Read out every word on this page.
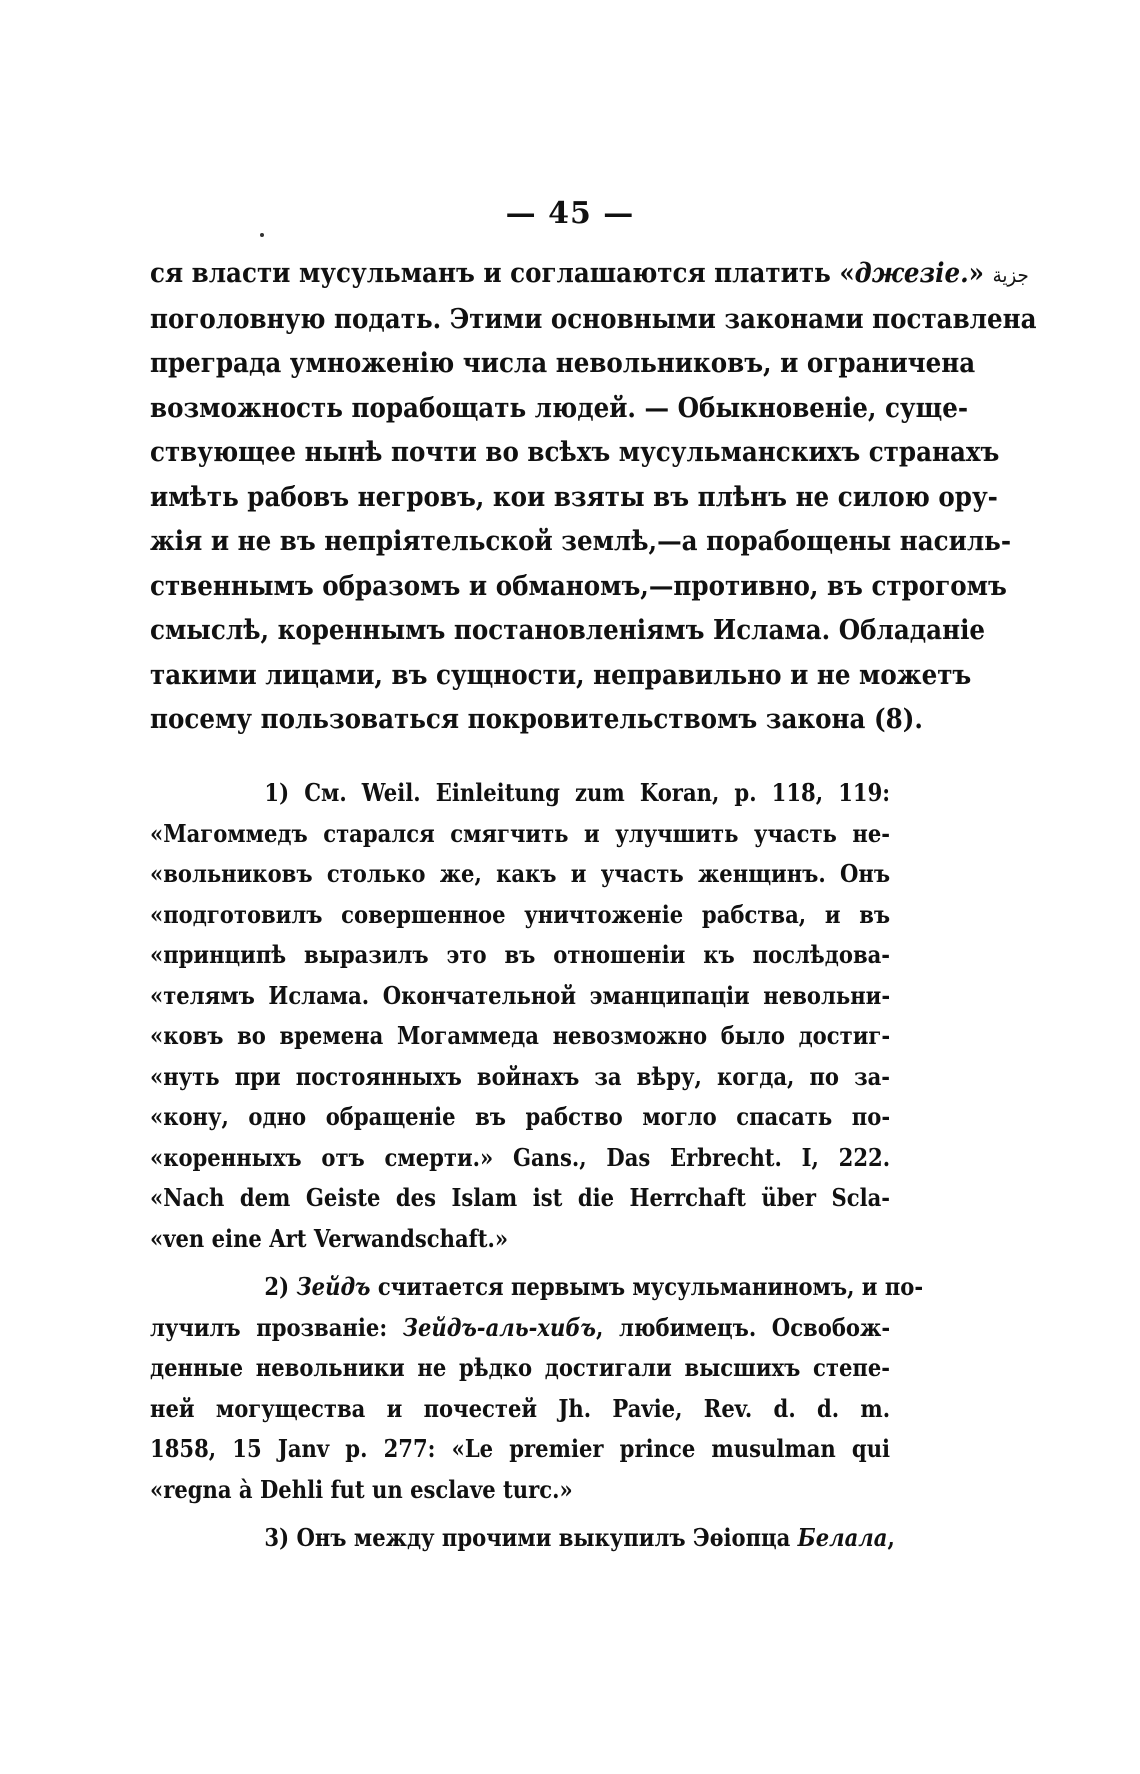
— 45 —
ся власти мусульманъ и соглашаются платить «джезіе.» جزية
поголовную подать. Этими основными законами поставлена
преграда умноженію числа невольниковъ, и ограничена
возможность порабощать людей. — Обыкновеніе, суще-
ствующее нынѣ почти во всѣхъ мусульманскихъ странахъ
имѣть рабовъ негровъ, кои взяты въ плѣнъ не силою ору-
жія и не въ непріятельской землѣ,—а порабощены насиль-
ственнымъ образомъ и обманомъ,—противно, въ строгомъ
смыслѣ, кореннымъ постановленіямъ Ислама. Обладаніе
такими лицами, въ сущности, неправильно и не можетъ
посему пользоваться покровительствомъ закона (8).
1) См. Weil. Einleitung zum Koran, p. 118, 119:
«Магоммедъ старался смягчить и улучшить участь не-
«вольниковъ столько же, какъ и участь женщинъ. Онъ
«подготовилъ совершенное уничтоженіе рабства, и въ
«принципѣ выразилъ это въ отношеніи къ послѣдова-
«телямъ Ислама. Окончательной эманципаціи невольни-
«ковъ во времена Могаммеда невозможно было достиг-
«нуть при постоянныхъ войнахъ за вѣру, когда, по за-
«кону, одно обращеніе въ рабство могло спасать по-
«коренныхъ отъ смерти.» Gans., Das Erbrecht. I, 222.
«Nach dem Geiste des Islam ist die Herrchaft über Scla-
«ven eine Art Verwandschaft.»
2) Зейдъ считается первымъ мусульманиномъ, и по-
лучилъ прозваніе: Зейдъ-аль-хибъ, любимецъ. Освобож-
денные невольники не рѣдко достигали высшихъ степе-
ней могущества и почестей Jh. Pavie, Rev. d. d. m.
1858, 15 Janv p. 277: «Le premier prince musulman qui
«regna à Dehli fut un esclave turc.»
3) Онъ между прочими выкупилъ Эѳіопца Белала,
